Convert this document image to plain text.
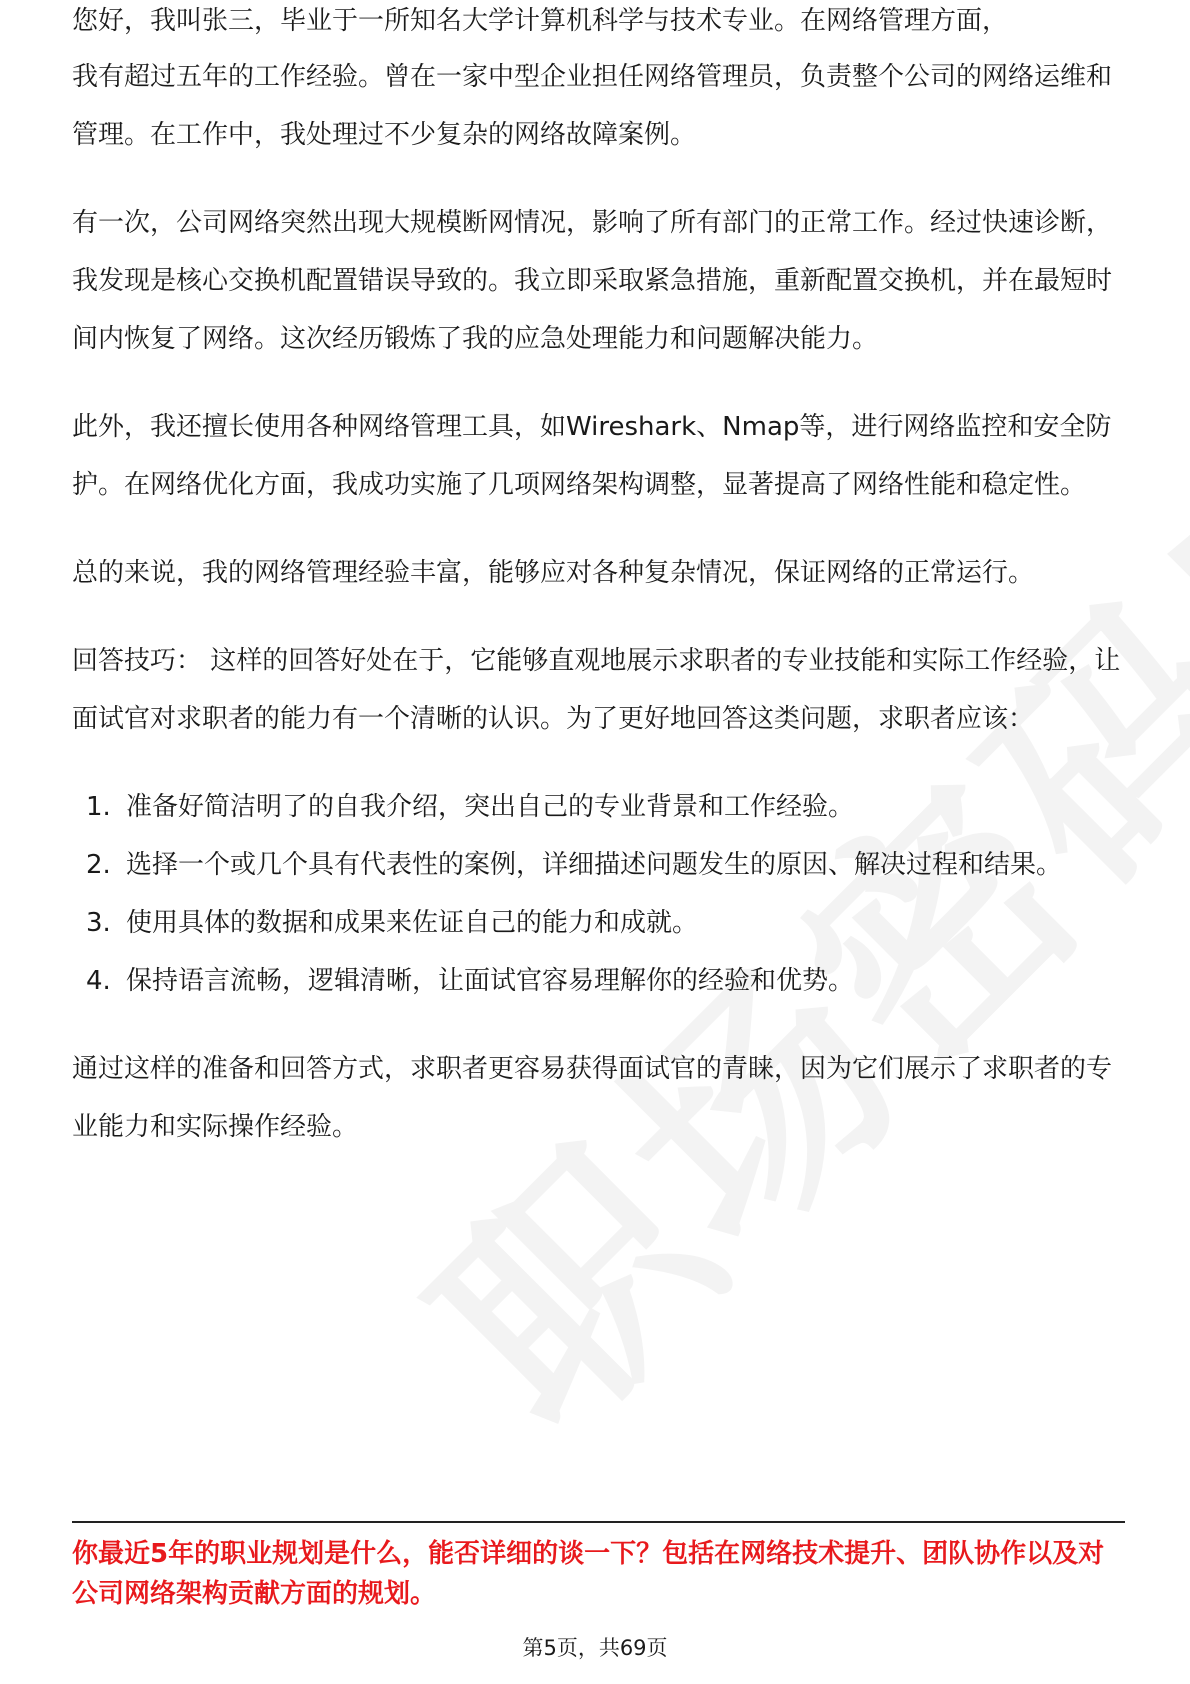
您好，我叫张三，毕业于一所知名大学计算机科学与技术专业。在网络管理方面，

我有超过五年的工作经验。曾在一家中型企业担任网络管理员，负责整个公司的网络运维和管理。在工作中，我处理过不少复杂的网络故障案例。

有一次，公司网络突然出现大规模断网情况，影响了所有部门的正常工作。经过快速诊断，我发现是核心交换机配置错误导致的。我立即采取紧急措施，重新配置交换机，并在最短时间内恢复了网络。这次经历锻炼了我的应急处理能力和问题解决能力。

此外，我还擅长使用各种网络管理工具，如Wireshark、Nmap等，进行网络监控和安全防护。在网络优化方面，我成功实施了几项网络架构调整，显著提高了网络性能和稳定性。

总的来说，我的网络管理经验丰富，能够应对各种复杂情况，保证网络的正常运行。

回答技巧： 这样的回答好处在于，它能够直观地展示求职者的专业技能和实际工作经验，让面试官对求职者的能力有一个清晰的认识。为了更好地回答这类问题，求职者应该：

1. 准备好简洁明了的自我介绍，突出自己的专业背景和工作经验。
2. 选择一个或几个具有代表性的案例，详细描述问题发生的原因、解决过程和结果。
3. 使用具体的数据和成果来佐证自己的能力和成就。
4. 保持语言流畅，逻辑清晰，让面试官容易理解你的经验和优势。

通过这样的准备和回答方式，求职者更容易获得面试官的青睐，因为它们展示了求职者的专业能力和实际操作经验。

你最近5年的职业规划是什么，能否详细的谈一下？包括在网络技术提升、团队协作以及对公司网络架构贡献方面的规划。
第5页，共69页
